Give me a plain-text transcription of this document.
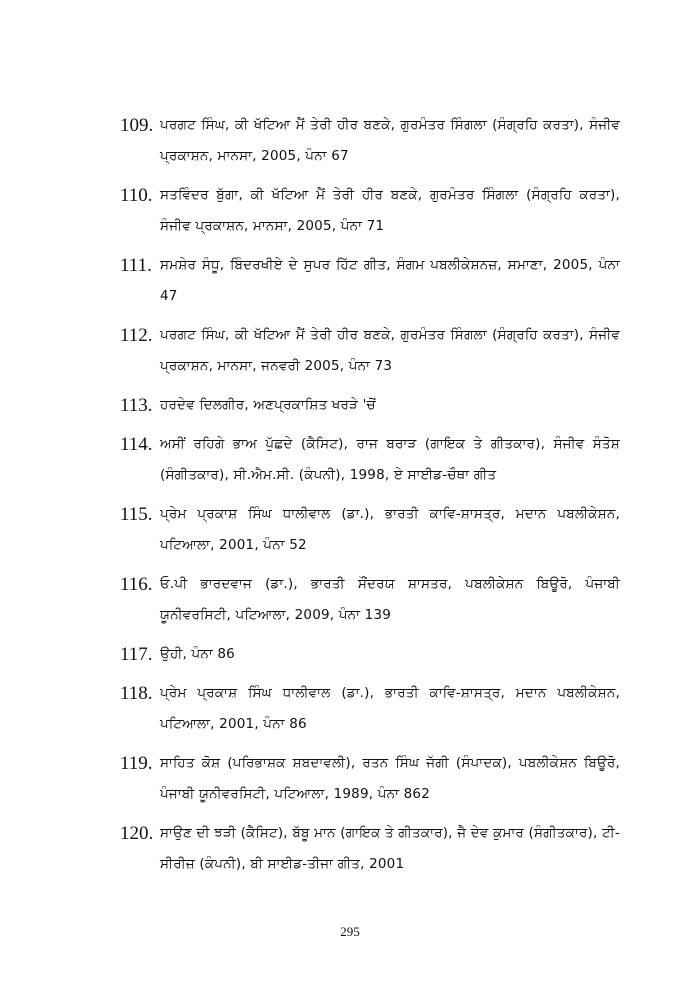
109. ਪਰਗਟ ਸਿੰਘ, ਕੀ ਖੱਟਿਆ ਮੈਂ ਤੇਰੀ ਹੀਰ ਬਣਕੇ, ਗੁਰਮੰਤਰ ਸਿੰਗਲਾ (ਸੰਗ੍ਰਹਿ ਕਰਤਾ), ਸੰਜੀਵ ਪ੍ਰਕਾਸ਼ਨ, ਮਾਨਸਾ, 2005, ਪੰਨਾ 67
110. ਸਤਵਿੰਦਰ ਬੁੱਗਾ, ਕੀ ਖੱਟਿਆ ਮੈਂ ਤੇਰੀ ਹੀਰ ਬਣਕੇ, ਗੁਰਮੰਤਰ ਸਿੰਗਲਾ (ਸੰਗ੍ਰਹਿ ਕਰਤਾ), ਸੰਜੀਵ ਪ੍ਰਕਾਸ਼ਨ, ਮਾਨਸਾ, 2005, ਪੰਨਾ 71
111. ਸਮਸ਼ੇਰ ਸੰਧੂ, ਬਿੰਦਰਖੀਏ ਦੇ ਸੁਪਰ ਹਿੱਟ ਗੀਤ, ਸੰਗਮ ਪਬਲੀਕੇਸ਼ਨਜ਼, ਸਮਾਣਾ, 2005, ਪੰਨਾ 47
112. ਪਰਗਟ ਸਿੰਘ, ਕੀ ਖੱਟਿਆ ਮੈਂ ਤੇਰੀ ਹੀਰ ਬਣਕੇ, ਗੁਰਮੰਤਰ ਸਿੰਗਲਾ (ਸੰਗ੍ਰਹਿ ਕਰਤਾ), ਸੰਜੀਵ ਪ੍ਰਕਾਸ਼ਨ, ਮਾਨਸਾ, ਜਨਵਰੀ 2005, ਪੰਨਾ 73
113. ਹਰਦੇਵ ਦਿਲਗੀਰ, ਅਣਪ੍ਰਕਾਸ਼ਿਤ ਖਰੜੇ 'ਚੋਂ
114. ਅਸੀਂ ਰਹਿਗੇ ਭਾਅ ਪੁੱਛਦੇ (ਕੈਸਿਟ), ਰਾਜ ਬਰਾੜ (ਗਾਇਕ ਤੇ ਗੀਤਕਾਰ), ਸੰਜੀਵ ਸੰਤੋਸ਼ (ਸੰਗੀਤਕਾਰ), ਸੀ.ਐਮ.ਸੀ. (ਕੰਪਨੀ), 1998, ਏ ਸਾਈਡ-ਚੌਥਾ ਗੀਤ
115. ਪ੍ਰੇਮ ਪ੍ਰਕਾਸ਼ ਸਿੰਘ ਧਾਲੀਵਾਲ (ਡਾ.), ਭਾਰਤੀ ਕਾਵਿ-ਸ਼ਾਸਤ੍ਰ, ਮਦਾਨ ਪਬਲੀਕੇਸ਼ਨ, ਪਟਿਆਲਾ, 2001, ਪੰਨਾ 52
116. ਓ.ਪੀ ਭਾਰਦਵਾਜ (ਡਾ.), ਭਾਰਤੀ ਸੌਂਦਰਯ ਸ਼ਾਸਤਰ, ਪਬਲੀਕੇਸ਼ਨ ਬਿਊਰੋ, ਪੰਜਾਬੀ ਯੂਨੀਵਰਸਿਟੀ, ਪਟਿਆਲਾ, 2009, ਪੰਨਾ 139
117. ਉਹੀ, ਪੰਨਾ 86
118. ਪ੍ਰੇਮ ਪ੍ਰਕਾਸ਼ ਸਿੰਘ ਧਾਲੀਵਾਲ (ਡਾ.), ਭਾਰਤੀ ਕਾਵਿ-ਸ਼ਾਸਤ੍ਰ, ਮਦਾਨ ਪਬਲੀਕੇਸ਼ਨ, ਪਟਿਆਲਾ, 2001, ਪੰਨਾ 86
119. ਸਾਹਿਤ ਕੋਸ਼ (ਪਰਿਭਾਸ਼ਕ ਸ਼ਬਦਾਵਲੀ), ਰਤਨ ਸਿੰਘ ਜੱਗੀ (ਸੰਪਾਦਕ), ਪਬਲੀਕੇਸ਼ਨ ਬਿਊਰੋ, ਪੰਜਾਬੀ ਯੂਨੀਵਰਸਿਟੀ, ਪਟਿਆਲਾ, 1989, ਪੰਨਾ 862
120. ਸਾਉਣ ਦੀ ਝੜੀ (ਕੈਸਿਟ), ਬੱਬੂ ਮਾਨ (ਗਾਇਕ ਤੇ ਗੀਤਕਾਰ), ਜੈ ਦੇਵ ਕੁਮਾਰ (ਸੰਗੀਤਕਾਰ), ਟੀ-ਸੀਰੀਜ਼ (ਕੰਪਨੀ), ਬੀ ਸਾਈਡ-ਤੀਜਾ ਗੀਤ, 2001
295
